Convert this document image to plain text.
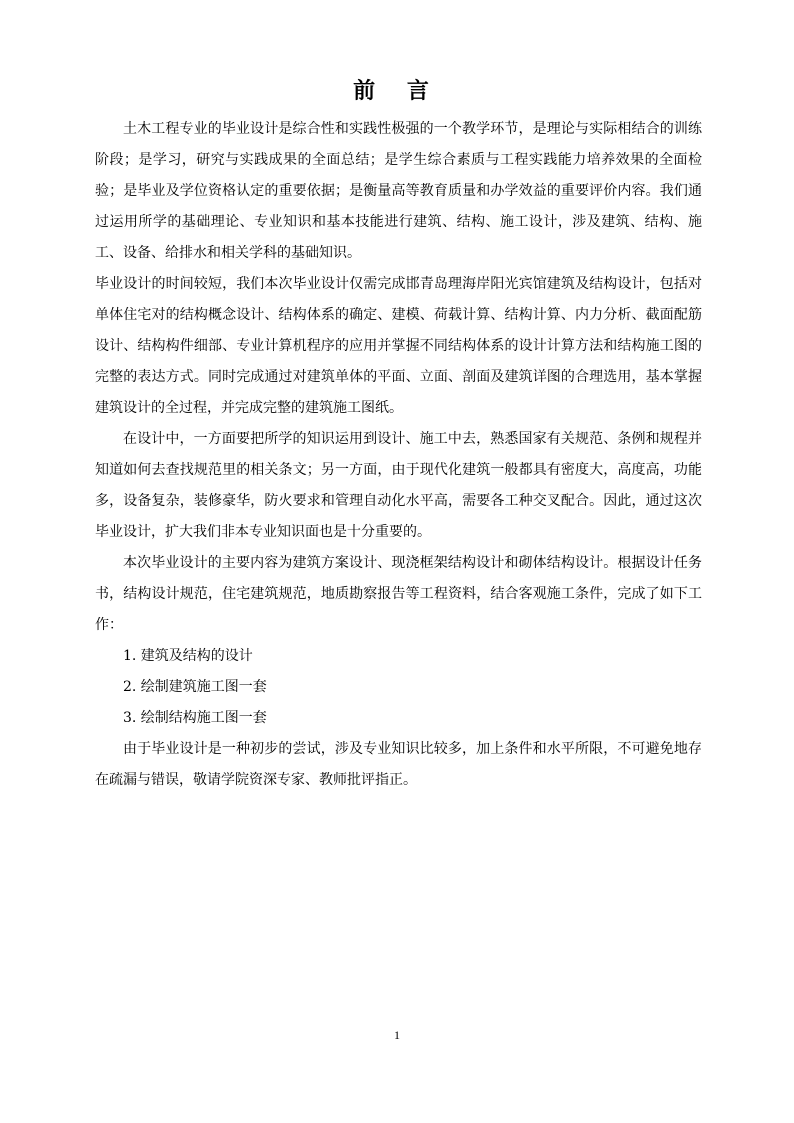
前 言

土木工程专业的毕业设计是综合性和实践性极强的一个教学环节，是理论与实际相结合的训练阶段；是学习，研究与实践成果的全面总结；是学生综合素质与工程实践能力培养效果的全面检验；是毕业及学位资格认定的重要依据；是衡量高等教育质量和办学效益的重要评价内容。我们通过运用所学的基础理论、专业知识和基本技能进行建筑、结构、施工设计，涉及建筑、结构、施工、设备、给排水和相关学科的基础知识。

毕业设计的时间较短，我们本次毕业设计仅需完成邯青岛理海岸阳光宾馆建筑及结构设计，包括对单体住宅对的结构概念设计、结构体系的确定、建模、荷载计算、结构计算、内力分析、截面配筋设计、结构构件细部、专业计算机程序的应用并掌握不同结构体系的设计计算方法和结构施工图的完整的表达方式。同时完成通过对建筑单体的平面、立面、剖面及建筑详图的合理选用，基本掌握建筑设计的全过程，并完成完整的建筑施工图纸。

在设计中，一方面要把所学的知识运用到设计、施工中去，熟悉国家有关规范、条例和规程并知道如何去查找规范里的相关条文；另一方面，由于现代化建筑一般都具有密度大，高度高，功能多，设备复杂，装修豪华，防火要求和管理自动化水平高，需要各工种交叉配合。因此，通过这次毕业设计，扩大我们非本专业知识面也是十分重要的。

本次毕业设计的主要内容为建筑方案设计、现浇框架结构设计和砌体结构设计。根据设计任务书，结构设计规范，住宅建筑规范，地质勘察报告等工程资料，结合客观施工条件，完成了如下工作：

1. 建筑及结构的设计

2. 绘制建筑施工图一套

3. 绘制结构施工图一套

由于毕业设计是一种初步的尝试，涉及专业知识比较多，加上条件和水平所限，不可避免地存在疏漏与错误，敬请学院资深专家、教师批评指正。

1
